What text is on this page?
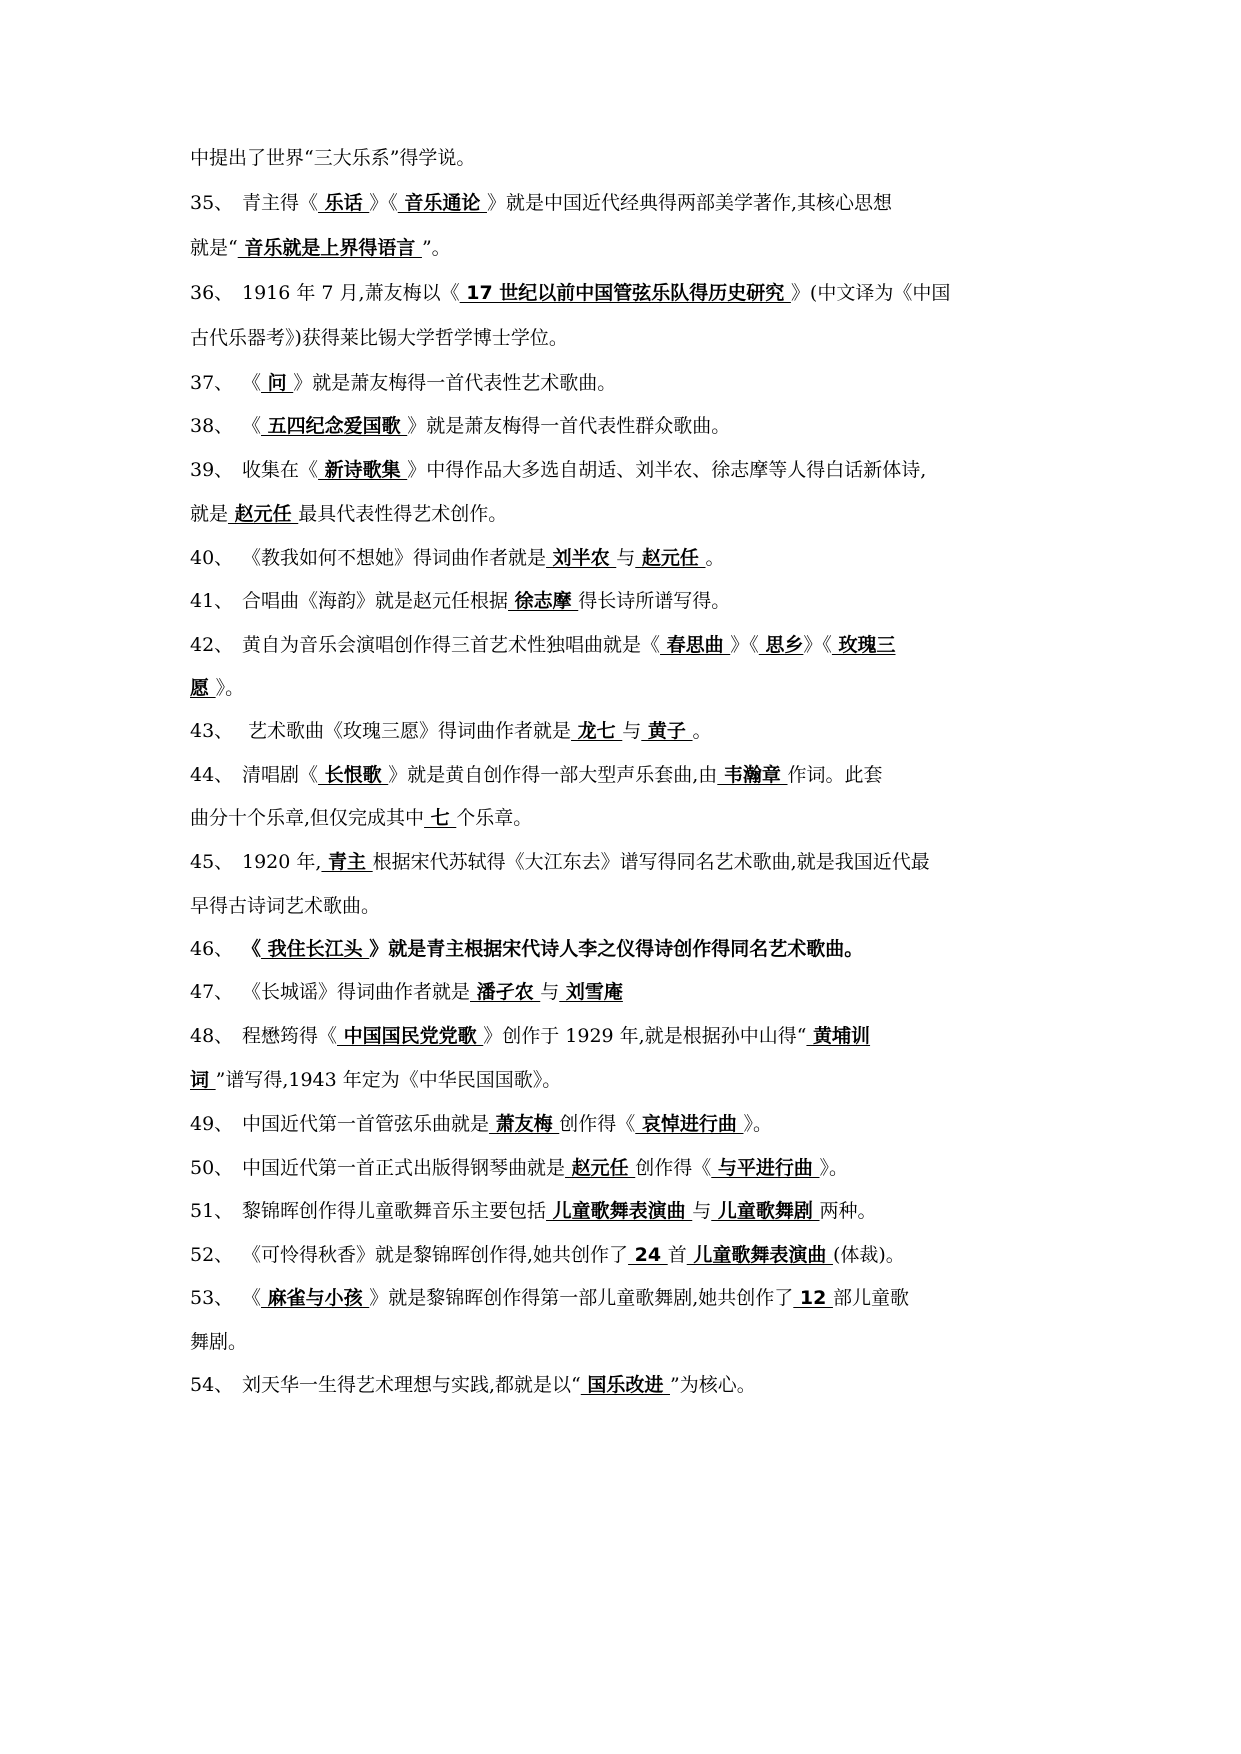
中提出了世界“三大乐系”得学说。
35、 青主得《 乐话 》《 音乐通论 》就是中国近代经典得两部美学著作,其核心思想
就是“ 音乐就是上界得语言 ”。
36、 1916 年 7 月,萧友梅以《 17 世纪以前中国管弦乐队得历史研究 》(中文译为《中国
古代乐器考》)获得莱比锡大学哲学博士学位。
37、 《 问 》就是萧友梅得一首代表性艺术歌曲。
38、 《 五四纪念爱国歌 》就是萧友梅得一首代表性群众歌曲。
39、 收集在《 新诗歌集 》中得作品大多选自胡适、刘半农、徐志摩等人得白话新体诗,
就是 赵元任 最具代表性得艺术创作。
40、 《教我如何不想她》得词曲作者就是 刘半农 与 赵元任 。
41、 合唱曲《海韵》就是赵元任根据 徐志摩 得长诗所谱写得。
42、 黄自为音乐会演唱创作得三首艺术性独唱曲就是《 春思曲 》《 思乡》《 玫瑰三
愿 》。
43、 艺术歌曲《玫瑰三愿》得词曲作者就是 龙七 与 黄子 。
44、 清唱剧《 长恨歌 》就是黄自创作得一部大型声乐套曲,由 韦瀚章 作词。此套
曲分十个乐章,但仅完成其中 七 个乐章。
45、 1920 年, 青主 根据宋代苏轼得《大江东去》谱写得同名艺术歌曲,就是我国近代最
早得古诗词艺术歌曲。
46、 《 我住长江头 》就是青主根据宋代诗人李之仪得诗创作得同名艺术歌曲。
47、 《长城谣》得词曲作者就是 潘孑农 与 刘雪庵
48、 程懋筠得《 中国国民党党歌 》创作于 1929 年,就是根据孙中山得“ 黄埔训
词 ”谱写得,1943 年定为《中华民国国歌》。
49、 中国近代第一首管弦乐曲就是 萧友梅 创作得《 哀悼进行曲 》。
50、 中国近代第一首正式出版得钢琴曲就是 赵元任 创作得《 与平进行曲 》。
51、 黎锦晖创作得儿童歌舞音乐主要包括 儿童歌舞表演曲 与 儿童歌舞剧 两种。
52、 《可怜得秋香》就是黎锦晖创作得,她共创作了 24 首 儿童歌舞表演曲 (体裁)。
53、 《 麻雀与小孩 》就是黎锦晖创作得第一部儿童歌舞剧,她共创作了 12 部儿童歌
舞剧。
54、 刘天华一生得艺术理想与实践,都就是以“ 国乐改进 ”为核心。
